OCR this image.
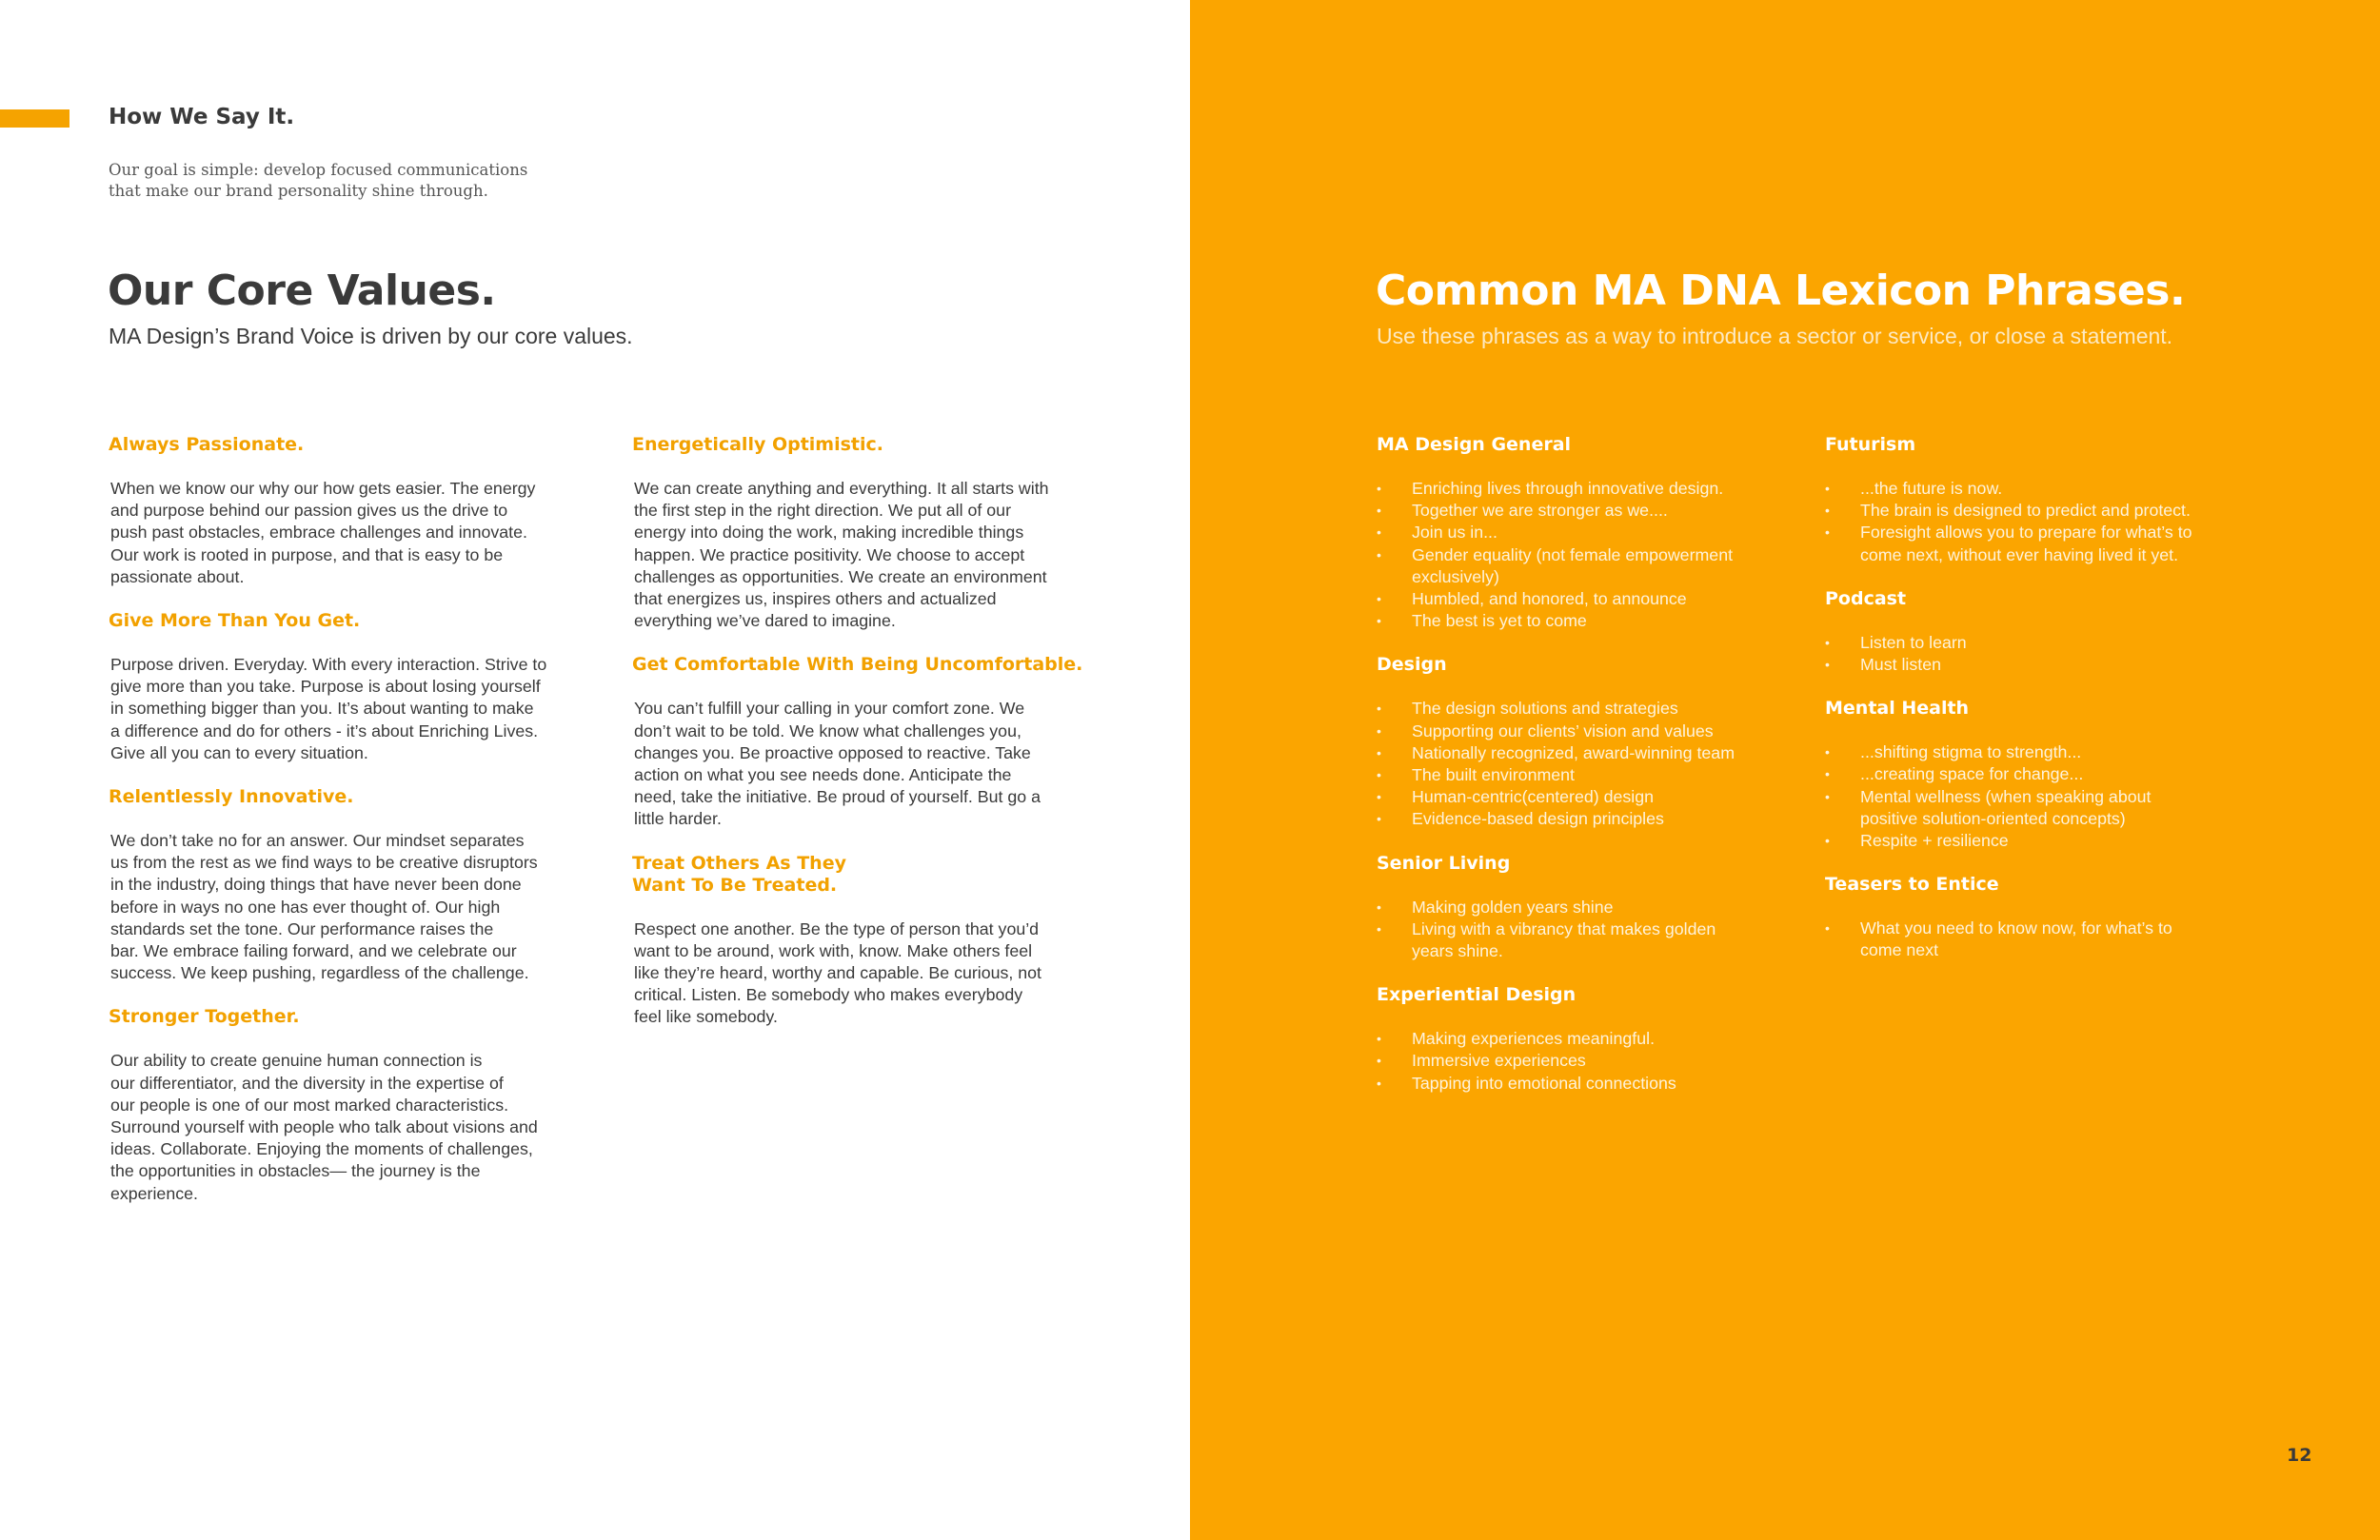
How We Say It.

Our goal is simple: develop focused communications

that make our brand personality shine through.

Our Core Values.

MA Design’s Brand Voice is driven by our core values.

Common MA DNA Lexicon Phrases.

Use these phrases as a way to introduce a sector or service, or close a statement.

Always Passionate.

When we know our why our how gets easier. The energy
and purpose behind our passion gives us the drive to
push past obstacles, embrace challenges and innovate.
Our work is rooted in purpose, and that is easy to be
passionate about.

Give More Than You Get.

Purpose driven. Everyday. With every interaction. Strive to
give more than you take. Purpose is about losing yourself
in something bigger than you. It’s about wanting to make
a difference and do for others - it’s about Enriching Lives.
Give all you can to every situation.

Relentlessly Innovative.

We don’t take no for an answer. Our mindset separates
us from the rest as we find ways to be creative disruptors
in the industry, doing things that have never been done
before in ways no one has ever thought of. Our high
standards set the tone. Our performance raises the
bar. We embrace failing forward, and we celebrate our
success. We keep pushing, regardless of the challenge.

Stronger Together.

Our ability to create genuine human connection is
our differentiator, and the diversity in the expertise of
our people is one of our most marked characteristics.
Surround yourself with people who talk about visions and
ideas. Collaborate. Enjoying the moments of challenges,
the opportunities in obstacles— the journey is the
experience.

Energetically Optimistic.

We can create anything and everything. It all starts with
the first step in the right direction. We put all of our
energy into doing the work, making incredible things
happen. We practice positivity. We choose to accept
challenges as opportunities. We create an environment
that energizes us, inspires others and actualized
everything we’ve dared to imagine.

Get Comfortable With Being Uncomfortable.

You can’t fulfill your calling in your comfort zone. We
don’t wait to be told. We know what challenges you,
changes you. Be proactive opposed to reactive. Take
action on what you see needs done. Anticipate the
need, take the initiative. Be proud of yourself. But go a
little harder.

Treat Others As They
Want To Be Treated.

Respect one another. Be the type of person that you’d
want to be around, work with, know. Make others feel
like they’re heard, worthy and capable. Be curious, not
critical. Listen. Be somebody who makes everybody
feel like somebody.

MA Design General
• Enriching lives through innovative design.
• Together we are stronger as we....
• Join us in...
• Gender equality (not female empowerment
exclusively)
• Humbled, and honored, to announce
• The best is yet to come
Design
• The design solutions and strategies
• Supporting our clients’ vision and values
• Nationally recognized, award-winning team
• The built environment
• Human-centric(centered) design
• Evidence-based design principles
Senior Living
• Making golden years shine
• Living with a vibrancy that makes golden
years shine.
Experiential Design
• Making experiences meaningful.
• Immersive experiences
• Tapping into emotional connections
Futurism
• ...the future is now.
• The brain is designed to predict and protect.
• Foresight allows you to prepare for what’s to
come next, without ever having lived it yet.
Podcast
• Listen to learn
• Must listen
Mental Health
• ...shifting stigma to strength...
• ...creating space for change...
• Mental wellness (when speaking about
positive solution-oriented concepts)
• Respite + resilience
Teasers to Entice
• What you need to know now, for what’s to
come next

12
